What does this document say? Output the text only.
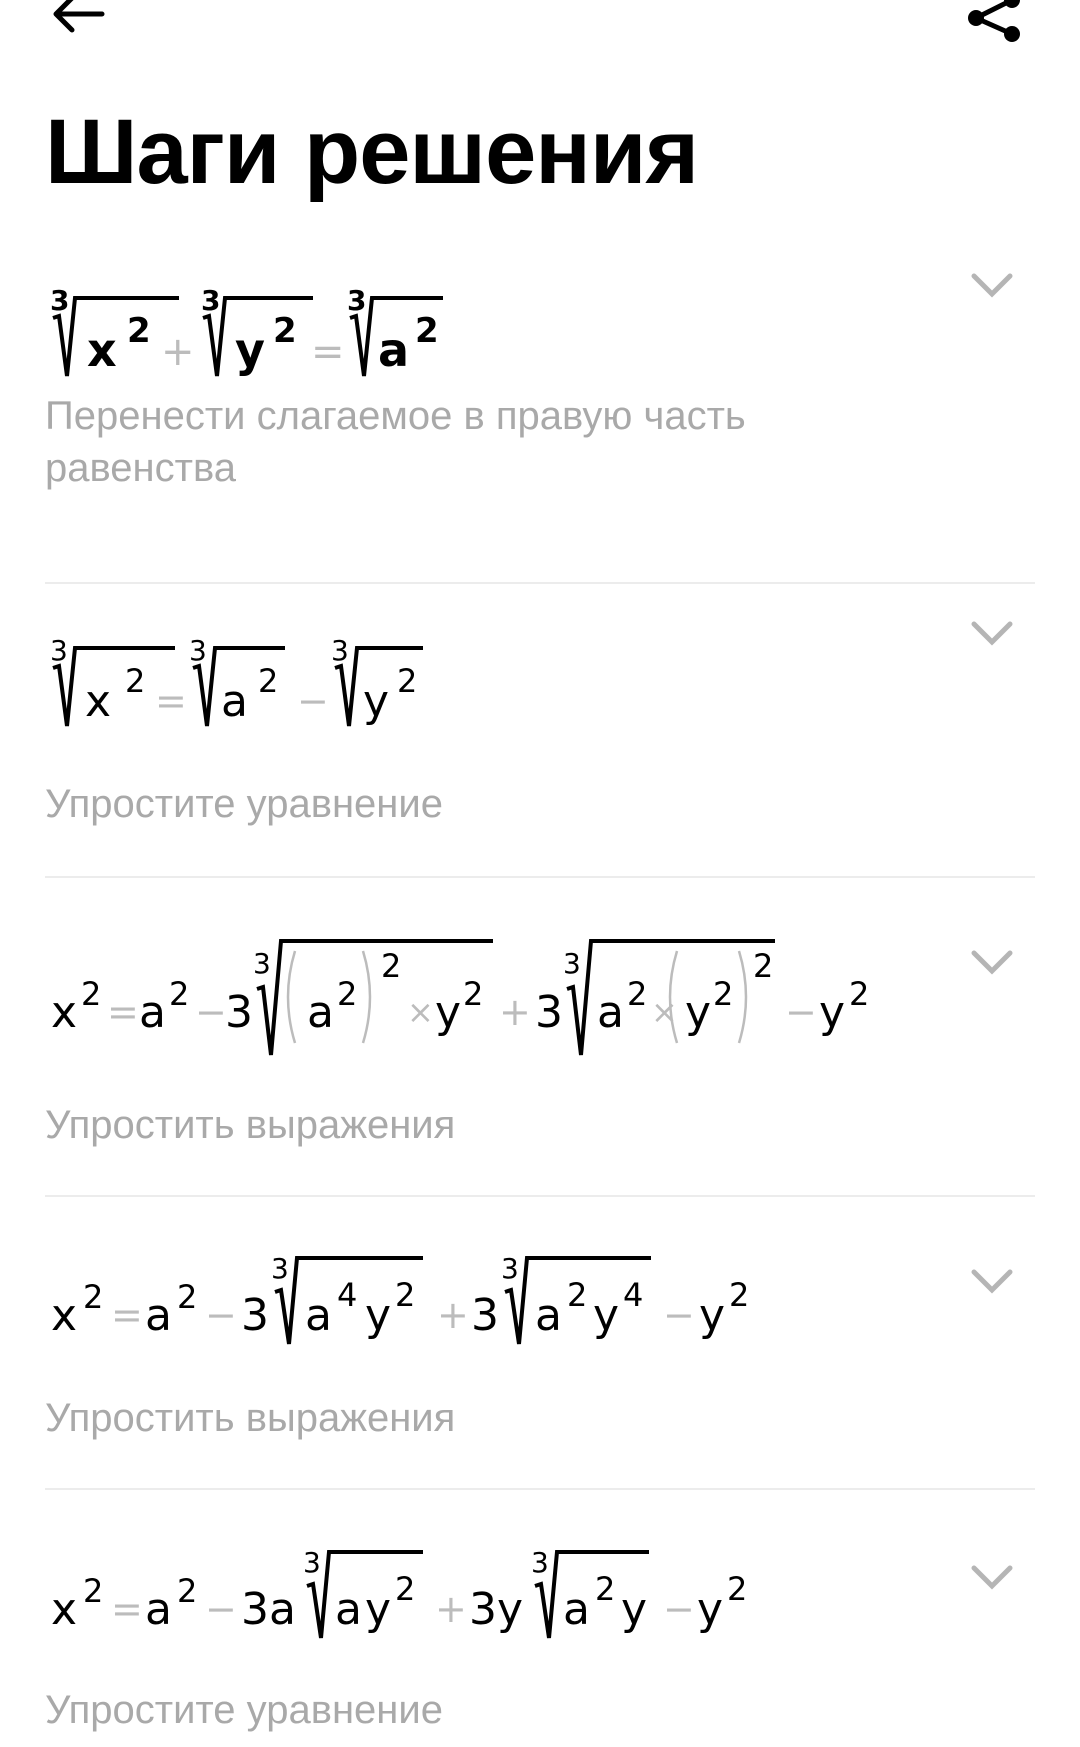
Шаги решения
3
x 2 +
3
y 2 =
3
a 2
Перенести слагаемое в правую часть равенства
3
x 2 =
3
a 2 −
3
y 2
Упростите уравнение
x 2 = a 2 −
3
3
a 2
2
× y 2 + 3
3
a 2 × y 2
2
− y 2
Упростить выражения
x 2 = a 2 − 3
3
a 4 y 2 + 3
3
a 2 y 4 − y 2
Упростить выражения
x 2 = a 2 − 3 a
3
a y 2 + 3 y
3
a 2 y − y 2
Упростите уравнение
